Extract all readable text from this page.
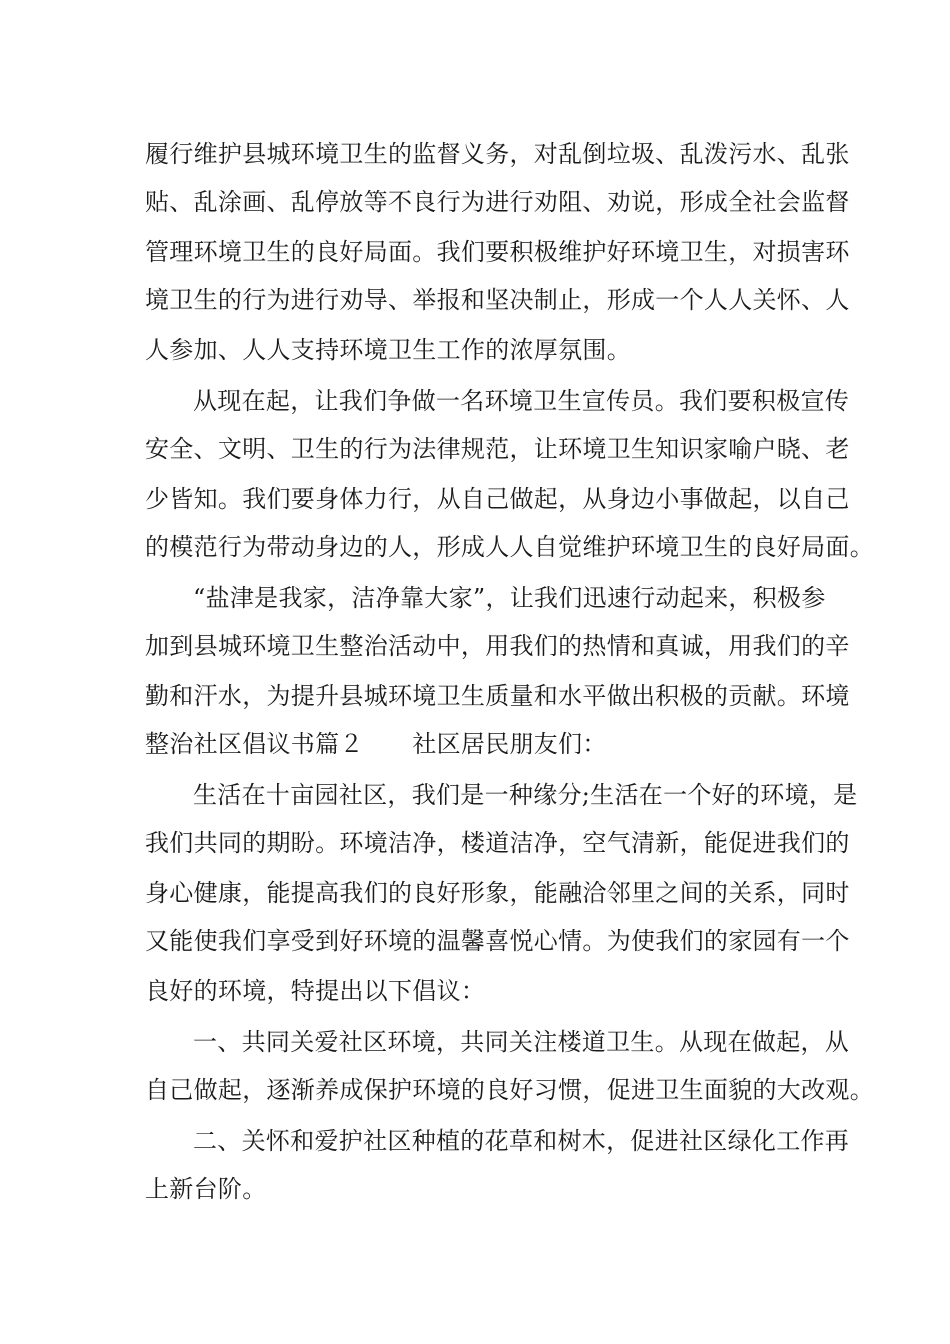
履行维护县城环境卫生的监督义务，对乱倒垃圾、乱泼污水、乱张
贴、乱涂画、乱停放等不良行为进行劝阻、劝说，形成全社会监督
管理环境卫生的良好局面。我们要积极维护好环境卫生，对损害环
境卫生的行为进行劝导、举报和坚决制止，形成一个人人关怀、人
人参加、人人支持环境卫生工作的浓厚氛围。
从现在起，让我们争做一名环境卫生宣传员。我们要积极宣传
安全、文明、卫生的行为法律规范，让环境卫生知识家喻户晓、老
少皆知。我们要身体力行，从自己做起，从身边小事做起，以自己
的模范行为带动身边的人，形成人人自觉维护环境卫生的良好局面。
“盐津是我家，洁净靠大家”，让我们迅速行动起来，积极参
加到县城环境卫生整治活动中，用我们的热情和真诚，用我们的辛
勤和汗水，为提升县城环境卫生质量和水平做出积极的贡献。环境
整治社区倡议书篇２　　社区居民朋友们：
生活在十亩园社区，我们是一种缘分;生活在一个好的环境，是
我们共同的期盼。环境洁净，楼道洁净，空气清新，能促进我们的
身心健康，能提高我们的良好形象，能融洽邻里之间的关系，同时
又能使我们享受到好环境的温馨喜悦心情。为使我们的家园有一个
良好的环境，特提出以下倡议：
一、共同关爱社区环境，共同关注楼道卫生。从现在做起，从
自己做起，逐渐养成保护环境的良好习惯，促进卫生面貌的大改观。
二、关怀和爱护社区种植的花草和树木，促进社区绿化工作再
上新台阶。
